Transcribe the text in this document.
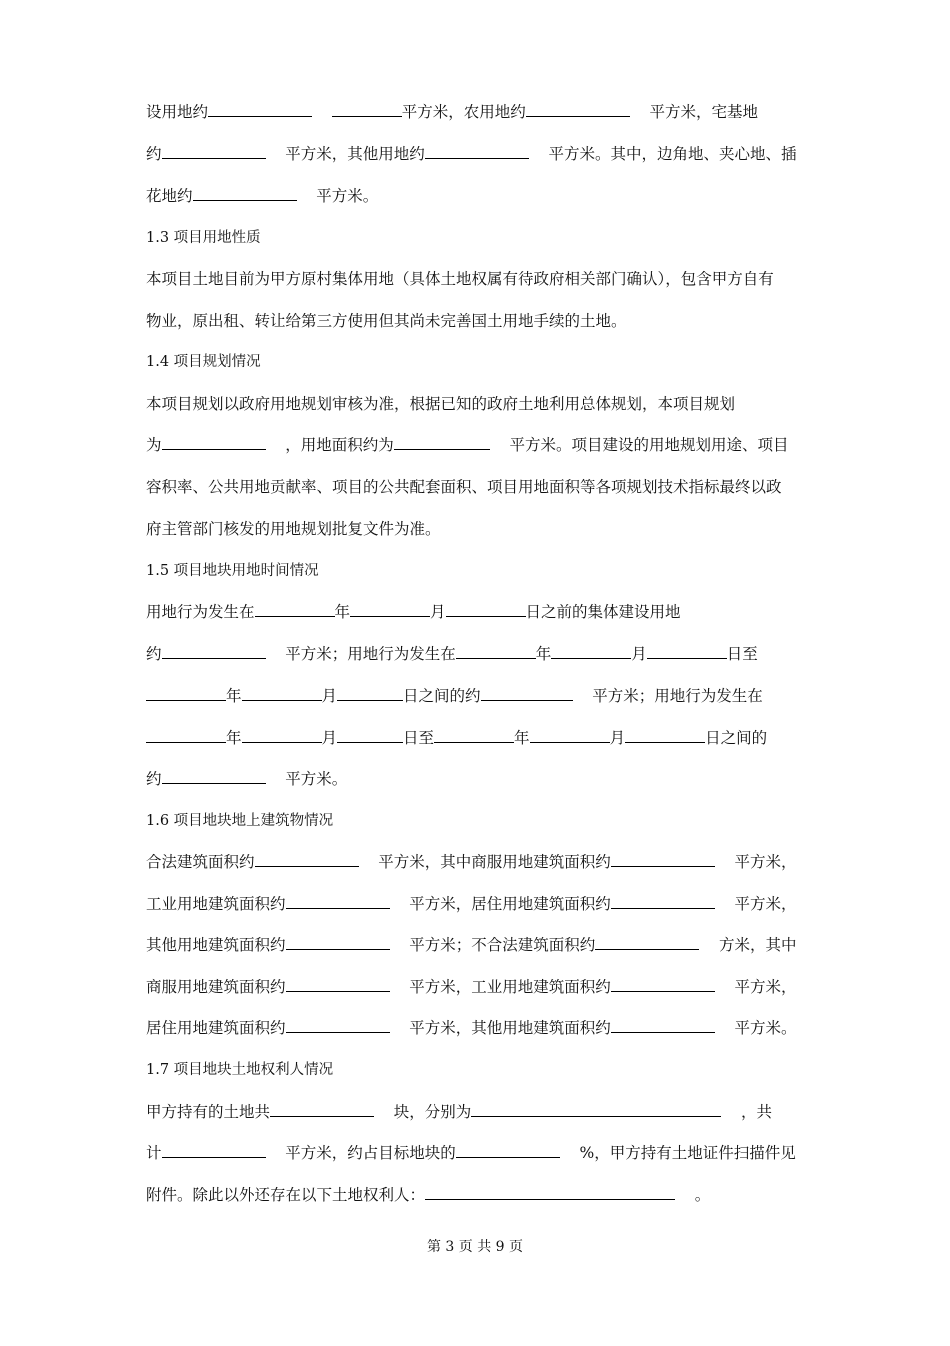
设用地约	平方米，农用地约	平方米，宅基地
约	平方米，其他用地约	平方米。其中，边角地、夹心地、插
花地约	平方米。
1.3 项目用地性质
本项目土地目前为甲方原村集体用地（具体土地权属有待政府相关部门确认），包含甲方自有
物业，原出租、转让给第三方使用但其尚未完善国土用地手续的土地。
1.4 项目规划情况
本项目规划以政府用地规划审核为准，根据已知的政府土地利用总体规划，本项目规划
为	，用地面积约为	平方米。项目建设的用地规划用途、项目
容积率、公共用地贡献率、项目的公共配套面积、项目用地面积等各项规划技术指标最终以政
府主管部门核发的用地规划批复文件为准。
1.5 项目地块用地时间情况
用地行为发生在	年	月	日之前的集体建设用地
约	平方米；用地行为发生在	年	月	日至
年	月	日之间的约	平方米；用地行为发生在
年	月	日至	年	月	日之间的
约	平方米。
1.6 项目地块地上建筑物情况
合法建筑面积约	平方米，其中商服用地建筑面积约	平方米，
工业用地建筑面积约	平方米，居住用地建筑面积约	平方米，
其他用地建筑面积约	平方米；不合法建筑面积约	方米，其中
商服用地建筑面积约	平方米，工业用地建筑面积约	平方米，
居住用地建筑面积约	平方米，其他用地建筑面积约	平方米。
1.7 项目地块土地权利人情况
甲方持有的土地共	块，分别为	，共
计	平方米，约占目标地块的	%，甲方持有土地证件扫描件见
附件。除此以外还存在以下土地权利人：	。
第 3 页 共 9 页
